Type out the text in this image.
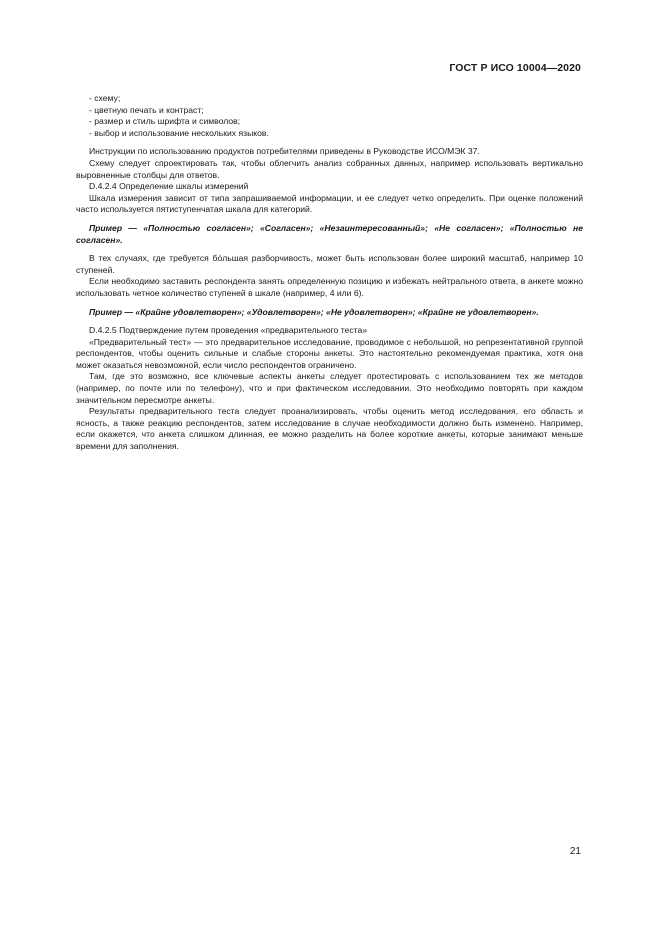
ГОСТ Р ИСО 10004—2020

- схему;

- цветную печать и контраст;

- размер и стиль шрифта и символов;

- выбор и использование нескольких языков.

Инструкции по использованию продуктов потребителями приведены в Руководстве ИСО/МЭК 37.

Схему следует спроектировать так, чтобы облегчить анализ собранных данных, например использовать вертикально выровненные столбцы для ответов.

D.4.2.4 Определение шкалы измерений

Шкала измерения зависит от типа запрашиваемой информации, и ее следует четко определить. При оценке положений часто используется пятиступенчатая шкала для категорий.

Пример — «Полностью согласен»; «Согласен»; «Незаинтересованный»; «Не согласен»; «Полностью не согласен».

В тех случаях, где требуется бо́льшая разборчивость, может быть использован более широкий масштаб, например 10 ступеней.

Если необходимо заставить респондента занять определенную позицию и избежать нейтрального ответа, в анкете можно использовать четное количество ступеней в шкале (например, 4 или 6).

Пример — «Крайне удовлетворен»; «Удовлетворен»; «Не удовлетворен»; «Крайне не удовлетворен».

D.4.2.5 Подтверждение путем проведения «предварительного теста»

«Предварительный тест» — это предварительное исследование, проводимое с небольшой, но репрезентативной группой респондентов, чтобы оценить сильные и слабые стороны анкеты. Это настоятельно рекомендуемая практика, хотя она может оказаться невозможной, если число респондентов ограничено.

Там, где это возможно, все ключевые аспекты анкеты следует протестировать с использованием тех же методов (например, по почте или по телефону), что и при фактическом исследовании. Это необходимо повторять при каждом значительном пересмотре анкеты.

Результаты предварительного теста следует проанализировать, чтобы оценить метод исследования, его область и ясность, а также реакцию респондентов, затем исследование в случае необходимости должно быть изменено. Например, если окажется, что анкета слишком длинная, ее можно разделить на более короткие анкеты, которые занимают меньше времени для заполнения.

21
